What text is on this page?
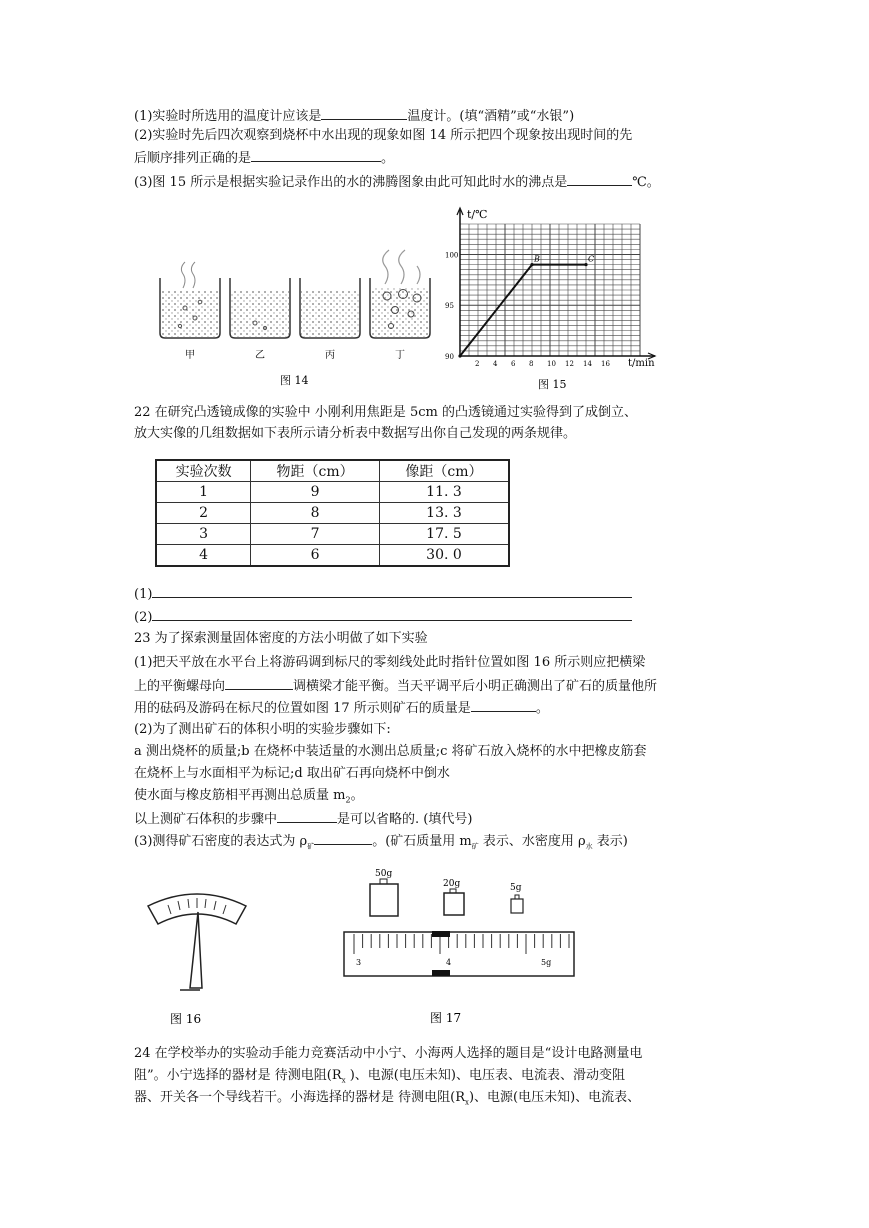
(1)实验时所选用的温度计应该是	温度计。(填“酒精”或“水银”)
(2)实验时先后四次观察到烧杯中水出现的现象如图 14 所示把四个现象按出现时间的先
后顺序排列正确的是	。
(3)图 15 所示是根据实验记录作出的水的沸腾图象由此可知此时水的沸点是	℃。
甲	乙	丙	丁
图 14
100
95
90
2 4 6 8 10 12 14 16
B	C
t/℃
t/min
图 15
22 在研究凸透镜成像的实验中 小刚利用焦距是 5cm 的凸透镜通过实验得到了成倒立、
放大实像的几组数据如下表所示请分析表中数据写出你自己发现的两条规律。
实验次数	物距（cm）	像距（cm）
1	9	11. 3
2	8	13. 3
3	7	17. 5
4	6	30. 0
(1)
(2)
23 为了探索测量固体密度的方法小明做了如下实验
(1)把天平放在水平台上将游码调到标尺的零刻线处此时指针位置如图 16 所示则应把横梁
上的平衡螺母向	调横梁才能平衡。当天平调平后小明正确测出了矿石的质量他所
用的砝码及游码在标尺的位置如图 17 所示则矿石的质量是	。
(2)为了测出矿石的体积小明的实验步骤如下:
a 测出烧杯的质量;b 在烧杯中装适量的水测出总质量;c 将矿石放入烧杯的水中把橡皮筋套
在烧杯上与水面相平为标记;d 取出矿石再向烧杯中倒水
使水面与橡皮筋相平再测出总质量 $m_2$。
以上测矿石体积的步骤中	是可以省略的. (填代号)
(3)测得矿石密度的表达式为 $\rho_矿$	。(矿石质量用 $m_矿$ 表示、水密度用 $\rho_水$ 表示)
图 16
50g
20g	5g
3	4	5g
图 17
24 在学校举办的实验动手能力竞赛活动中小宁、小海两人选择的题目是“设计电路测量电
阻”。小宁选择的器材是 待测电阻($R_x$ )、电源(电压未知)、电压表、电流表、滑动变阻
器、开关各一个导线若干。小海选择的器材是 待测电阻$(R_x)$、电源(电压未知)、电流表、
